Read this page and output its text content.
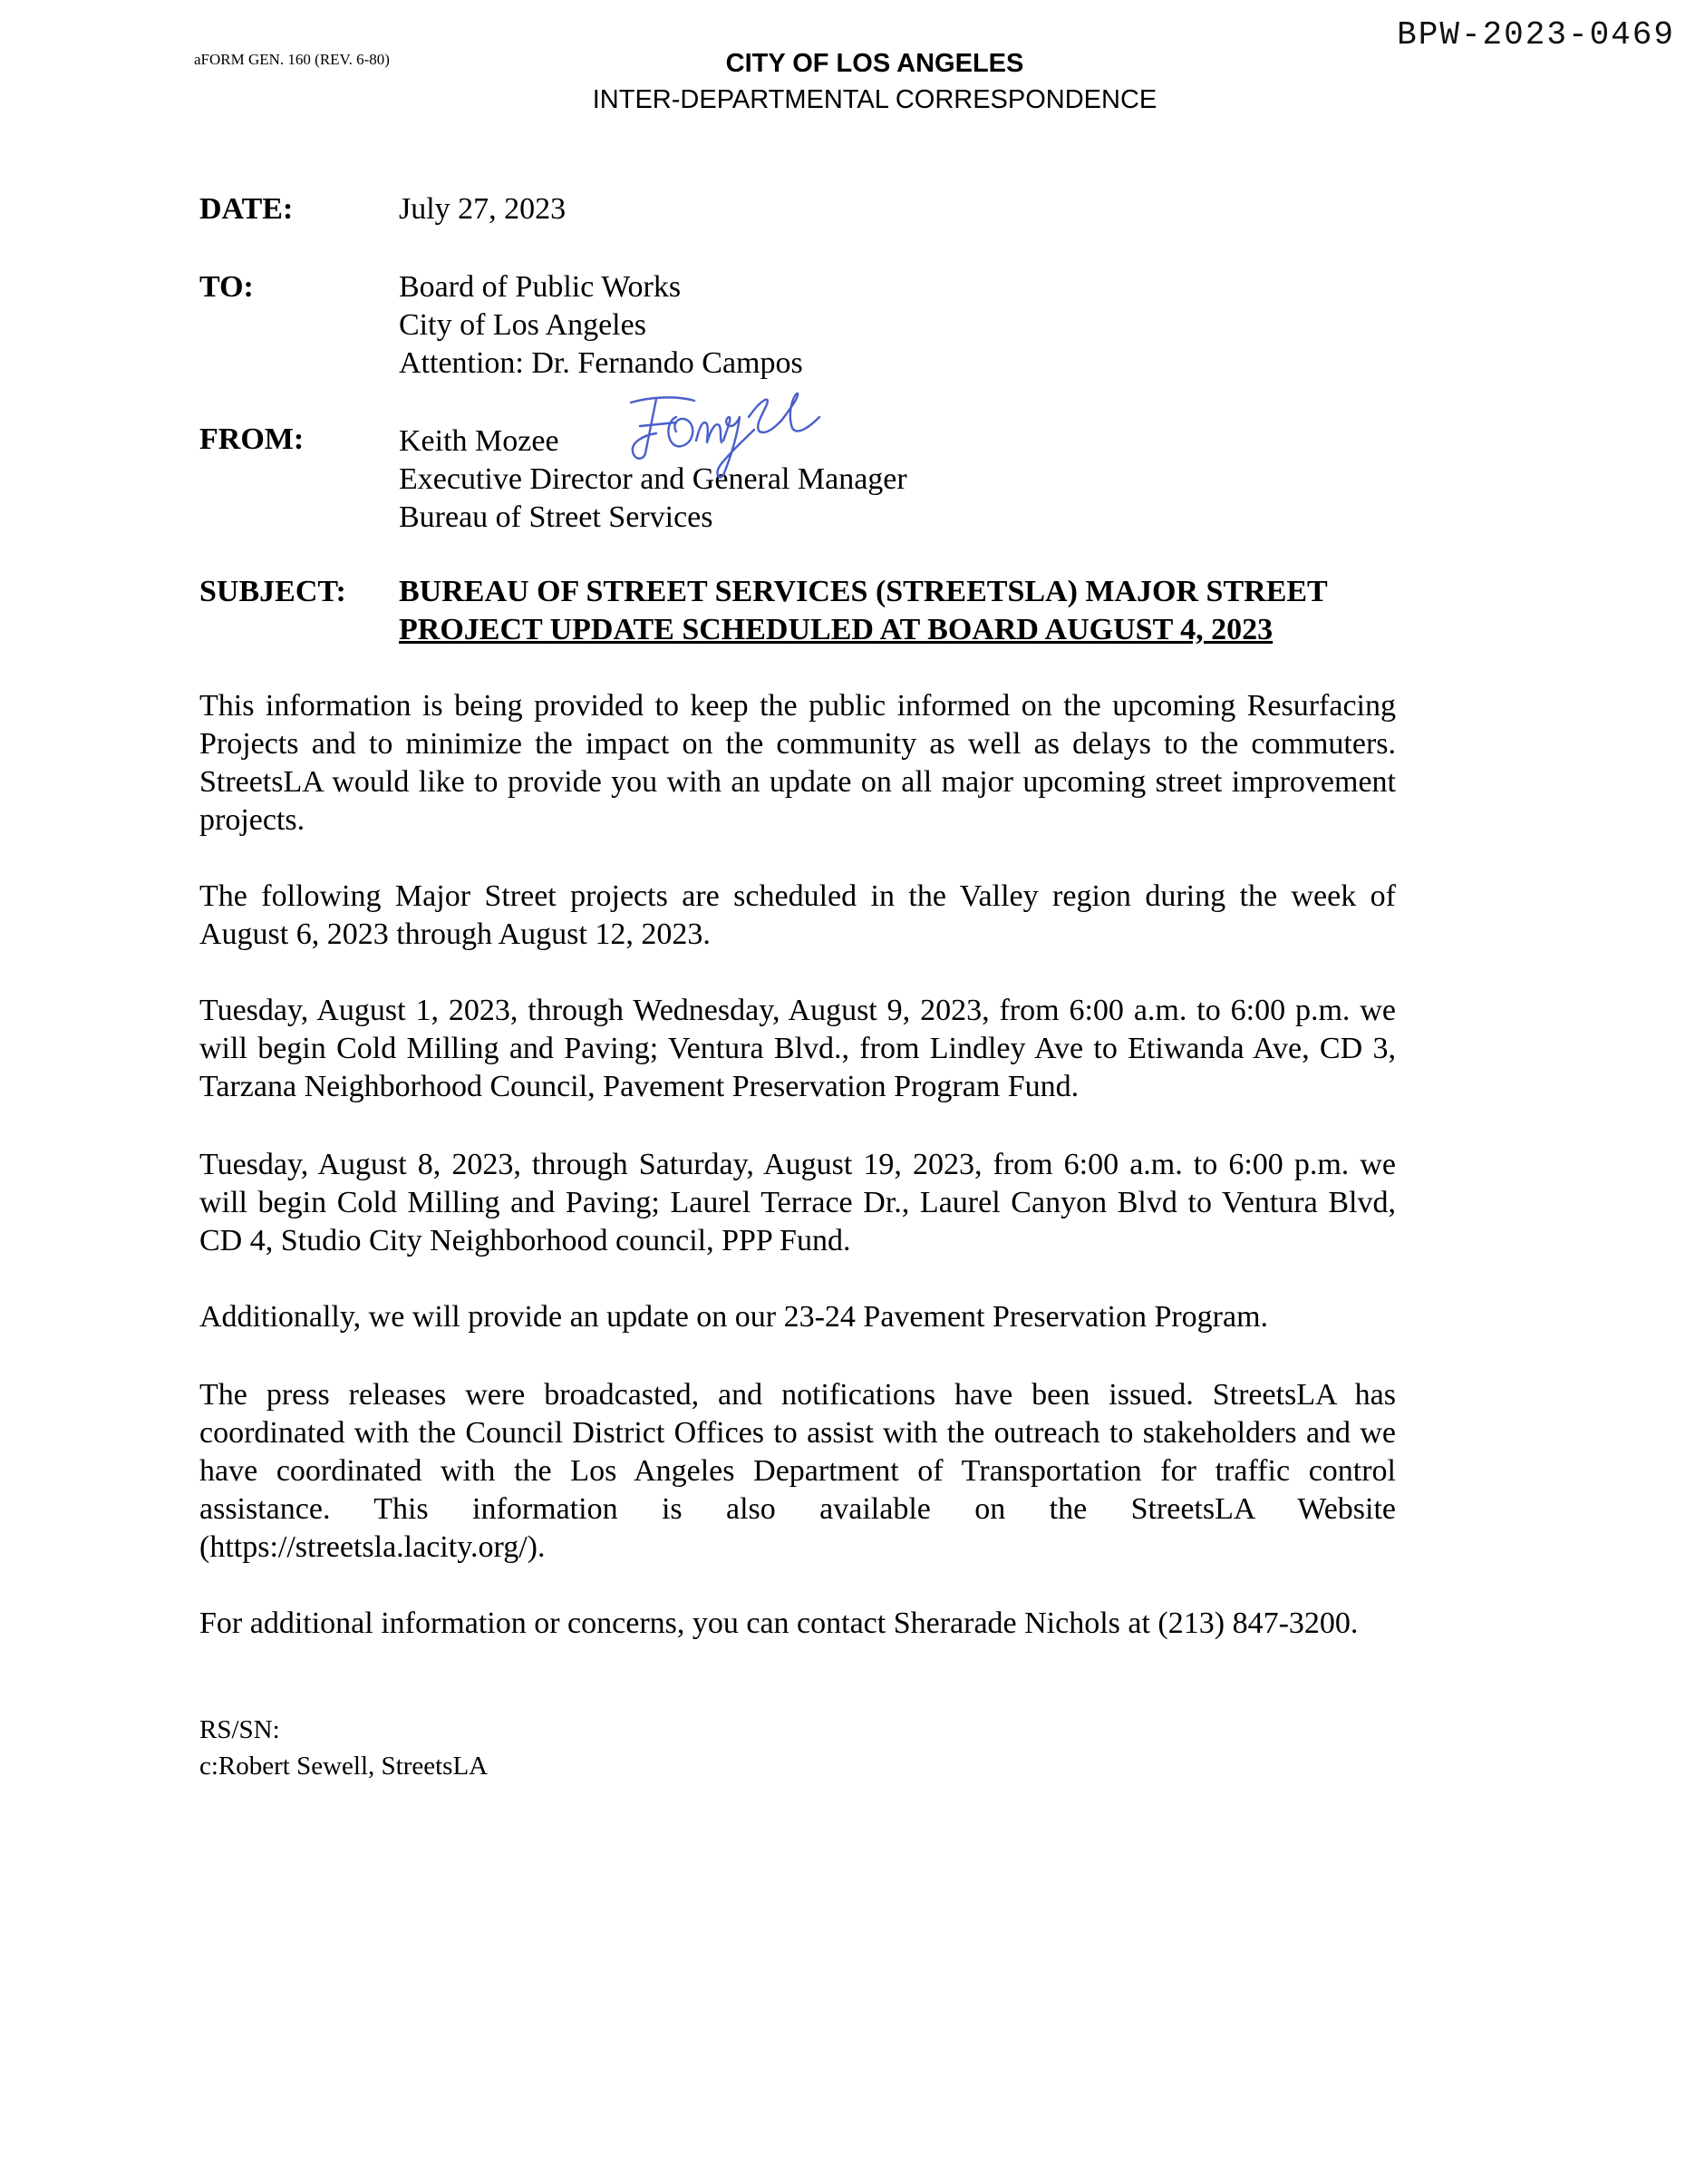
BPW-2023-0469
aFORM GEN. 160 (REV. 6-80)	CITY OF LOS ANGELES
INTER-DEPARTMENTAL CORRESPONDENCE
DATE:	July 27, 2023
TO:	Board of Public Works
City of Los Angeles
Attention: Dr. Fernando Campos
FROM:	Keith Mozee
Executive Director and General Manager
Bureau of Street Services
SUBJECT: BUREAU OF STREET SERVICES (STREETSLA) MAJOR STREET
PROJECT UPDATE SCHEDULED AT BOARD AUGUST 4, 2023
This information is being provided to keep the public informed on the upcoming Resurfacing Projects and to minimize the impact on the community as well as delays to the commuters. StreetsLA would like to provide you with an update on all major upcoming street improvement projects.
The following Major Street projects are scheduled in the Valley region during the week of August 6, 2023 through August 12, 2023.
Tuesday, August 1, 2023, through Wednesday, August 9, 2023, from 6:00 a.m. to 6:00 p.m. we will begin Cold Milling and Paving; Ventura Blvd., from Lindley Ave to Etiwanda Ave, CD 3, Tarzana Neighborhood Council, Pavement Preservation Program Fund.
Tuesday, August 8, 2023, through Saturday, August 19, 2023, from 6:00 a.m. to 6:00 p.m. we will begin Cold Milling and Paving; Laurel Terrace Dr., Laurel Canyon Blvd to Ventura Blvd, CD 4, Studio City Neighborhood council, PPP Fund.
Additionally, we will provide an update on our 23-24 Pavement Preservation Program.
The press releases were broadcasted, and notifications have been issued. StreetsLA has coordinated with the Council District Offices to assist with the outreach to stakeholders and we have coordinated with the Los Angeles Department of Transportation for traffic control assistance. This information is also available on the StreetsLA Website (https://streetsla.lacity.org/).
For additional information or concerns, you can contact Sherarade Nichols at (213) 847-3200.
RS/SN:
c:Robert Sewell, StreetsLA
